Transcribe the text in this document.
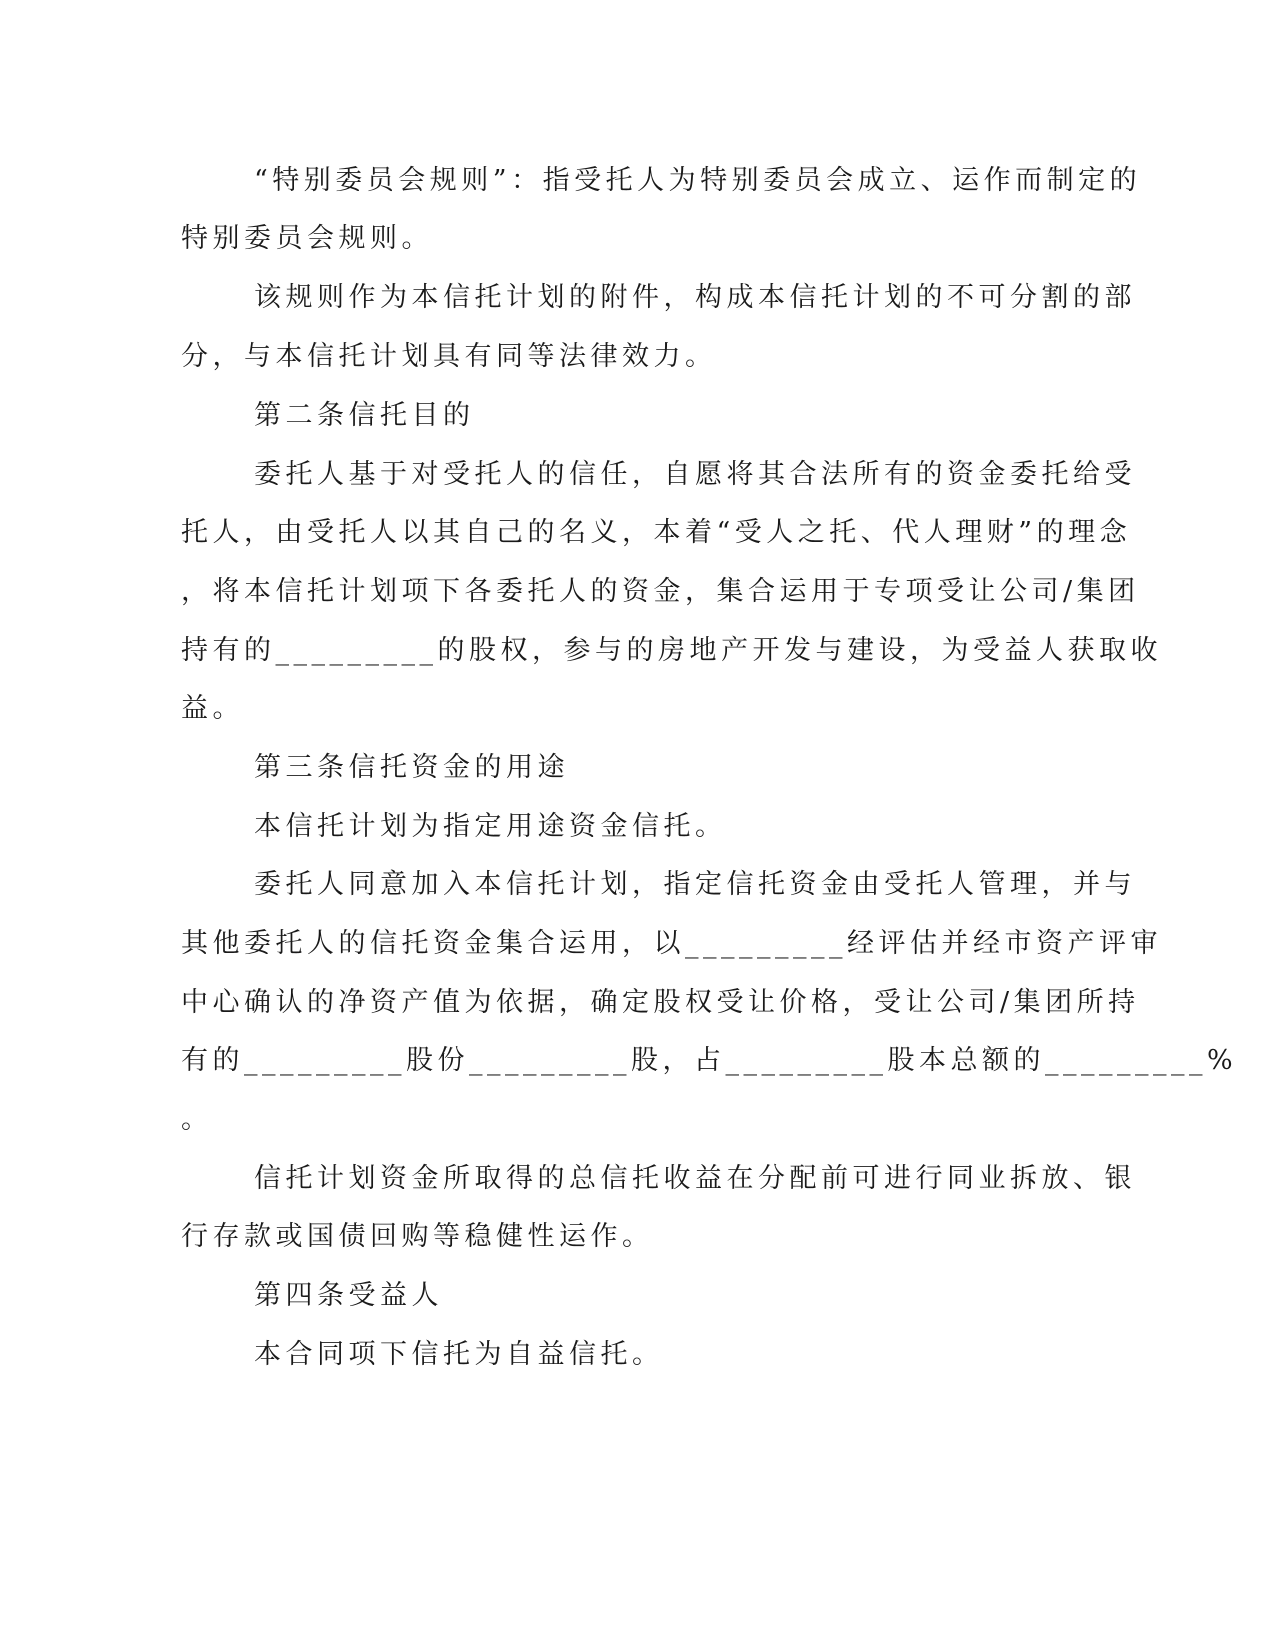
“特别委员会规则”：指受托人为特别委员会成立、运作而制定的
特别委员会规则。
该规则作为本信托计划的附件，构成本信托计划的不可分割的部
分，与本信托计划具有同等法律效力。
第二条信托目的
委托人基于对受托人的信任，自愿将其合法所有的资金委托给受
托人，由受托人以其自己的名义，本着“受人之托、代人理财”的理念
，将本信托计划项下各委托人的资金，集合运用于专项受让公司/集团
持有的_________的股权，参与的房地产开发与建设，为受益人获取收
益。
第三条信托资金的用途
本信托计划为指定用途资金信托。
委托人同意加入本信托计划，指定信托资金由受托人管理，并与
其他委托人的信托资金集合运用，以_________经评估并经市资产评审
中心确认的净资产值为依据，确定股权受让价格，受让公司/集团所持
有的_________股份_________股，占_________股本总额的_________%
。
信托计划资金所取得的总信托收益在分配前可进行同业拆放、银
行存款或国债回购等稳健性运作。
第四条受益人
本合同项下信托为自益信托。
